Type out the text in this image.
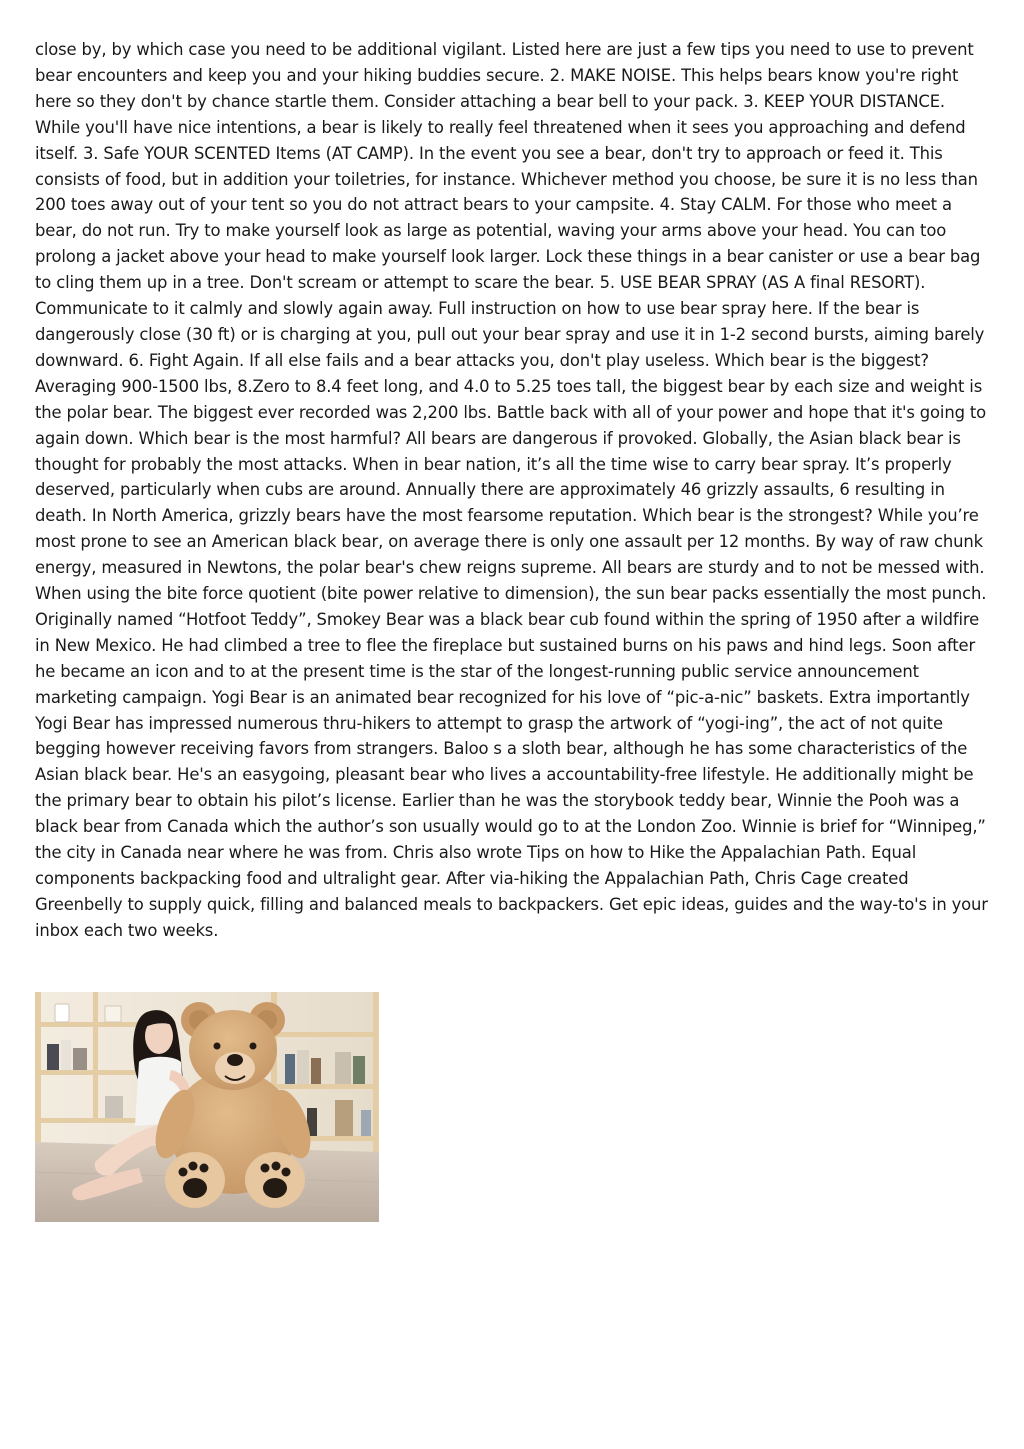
close by, by which case you need to be additional vigilant. Listed here are just a few tips you need to use to prevent bear encounters and keep you and your hiking buddies secure. 2. MAKE NOISE. This helps bears know you're right here so they don't by chance startle them. Consider attaching a bear bell to your pack. 3. KEEP YOUR DISTANCE. While you'll have nice intentions, a bear is likely to really feel threatened when it sees you approaching and defend itself. 3. Safe YOUR SCENTED Items (AT CAMP). In the event you see a bear, don't try to approach or feed it. This consists of food, but in addition your toiletries, for instance. Whichever method you choose, be sure it is no less than 200 toes away out of your tent so you do not attract bears to your campsite. 4. Stay CALM. For those who meet a bear, do not run. Try to make yourself look as large as potential, waving your arms above your head. You can too prolong a jacket above your head to make yourself look larger. Lock these things in a bear canister or use a bear bag to cling them up in a tree. Don't scream or attempt to scare the bear. 5. USE BEAR SPRAY (AS A final RESORT). Communicate to it calmly and slowly again away. Full instruction on how to use bear spray here. If the bear is dangerously close (30 ft) or is charging at you, pull out your bear spray and use it in 1-2 second bursts, aiming barely downward. 6. Fight Again. If all else fails and a bear attacks you, don't play useless. Which bear is the biggest? Averaging 900-1500 lbs, 8.Zero to 8.4 feet long, and 4.0 to 5.25 toes tall, the biggest bear by each size and weight is the polar bear. The biggest ever recorded was 2,200 lbs. Battle back with all of your power and hope that it's going to again down. Which bear is the most harmful? All bears are dangerous if provoked. Globally, the Asian black bear is thought for probably the most attacks. When in bear nation, it’s all the time wise to carry bear spray. It’s properly deserved, particularly when cubs are around. Annually there are approximately 46 grizzly assaults, 6 resulting in death. In North America, grizzly bears have the most fearsome reputation. Which bear is the strongest? While you’re most prone to see an American black bear, on average there is only one assault per 12 months. By way of raw chunk energy, measured in Newtons, the polar bear's chew reigns supreme. All bears are sturdy and to not be messed with. When using the bite force quotient (bite power relative to dimension), the sun bear packs essentially the most punch. Originally named “Hotfoot Teddy”, Smokey Bear was a black bear cub found within the spring of 1950 after a wildfire in New Mexico. He had climbed a tree to flee the fireplace but sustained burns on his paws and hind legs. Soon after he became an icon and to at the present time is the star of the longest-running public service announcement marketing campaign. Yogi Bear is an animated bear recognized for his love of “pic-a-nic” baskets. Extra importantly Yogi Bear has impressed numerous thru-hikers to attempt to grasp the artwork of “yogi-ing”, the act of not quite begging however receiving favors from strangers. Baloo s a sloth bear, although he has some characteristics of the Asian black bear. He's an easygoing, pleasant bear who lives a accountability-free lifestyle. He additionally might be the primary bear to obtain his pilot’s license. Earlier than he was the storybook teddy bear, Winnie the Pooh was a black bear from Canada which the author’s son usually would go to at the London Zoo. Winnie is brief for “Winnipeg,” the city in Canada near where he was from. Chris also wrote Tips on how to Hike the Appalachian Path. Equal components backpacking food and ultralight gear. After via-hiking the Appalachian Path, Chris Cage created Greenbelly to supply quick, filling and balanced meals to backpackers. Get epic ideas, guides and the way-to's in your inbox each two weeks.
